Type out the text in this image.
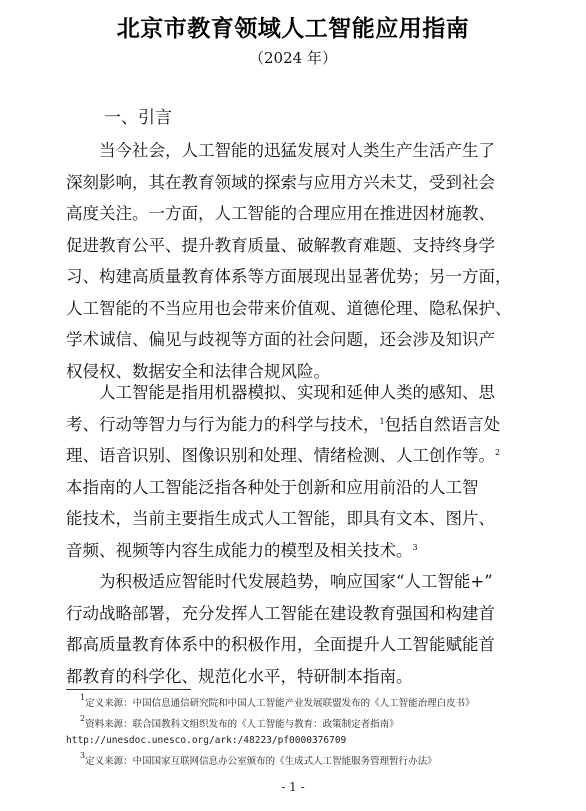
北京市教育领域人工智能应用指南
（2024 年）
一、引言
当今社会，人工智能的迅猛发展对人类生产生活产生了
深刻影响，其在教育领域的探索与应用方兴未艾，受到社会
高度关注。一方面，人工智能的合理应用在推进因材施教、
促进教育公平、提升教育质量、破解教育难题、支持终身学
习、构建高质量教育体系等方面展现出显著优势；另一方面，
人工智能的不当应用也会带来价值观、道德伦理、隐私保护、
学术诚信、偏见与歧视等方面的社会问题，还会涉及知识产
权侵权、数据安全和法律合规风险。
人工智能是指用机器模拟、实现和延伸人类的感知、思
考、行动等智力与行为能力的科学与技术，$^1$包括自然语言处
理、语音识别、图像识别和处理、情绪检测、人工创作等。$^2$
本指南的人工智能泛指各种处于创新和应用前沿的人工智
能技术，当前主要指生成式人工智能，即具有文本、图片、
音频、视频等内容生成能力的模型及相关技术。$^3$
为积极适应智能时代发展趋势，响应国家“人工智能+”
行动战略部署，充分发挥人工智能在建设教育强国和构建首
都高质量教育体系中的积极作用，全面提升人工智能赋能首
都教育的科学化、规范化水平，特研制本指南。
$^1$定义来源：中国信息通信研究院和中国人工智能产业发展联盟发布的《人工智能治理白皮书》
$^2$资料来源：联合国教科文组织发布的《人工智能与教育：政策制定者指南》
http://unesdoc.unesco.org/ark:/48223/pf0000376709
$^3$定义来源：中国国家互联网信息办公室颁布的《生成式人工智能服务管理暂行办法》
- 1 -
